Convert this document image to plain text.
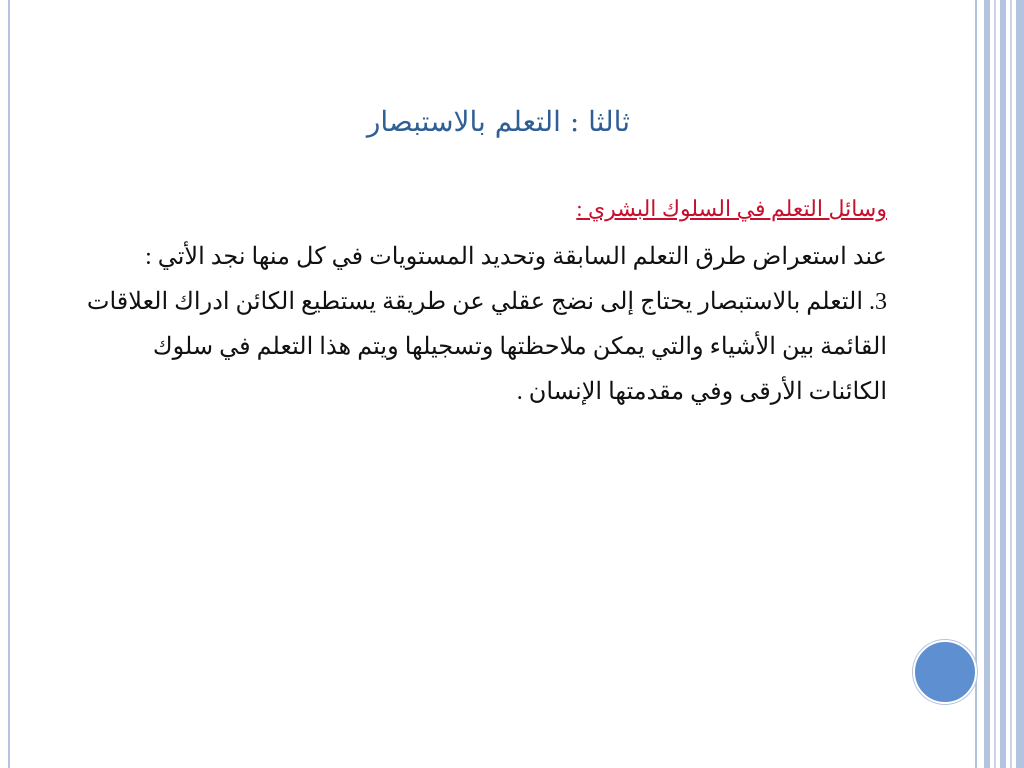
ثالثا : التعلم بالاستبصار

وسائل التعلم في السلوك البشري :

عند استعراض طرق التعلم السابقة وتحديد المستويات في كل منها نجد الأتي :

3. التعلم بالاستبصار يحتاج إلى نضج عقلي عن طريقة يستطيع الكائن ادراك العلاقات القائمة بين الأشياء والتي يمكن ملاحظتها وتسجيلها ويتم هذا التعلم في سلوك الكائنات الأرقى وفي مقدمتها الإنسان .
